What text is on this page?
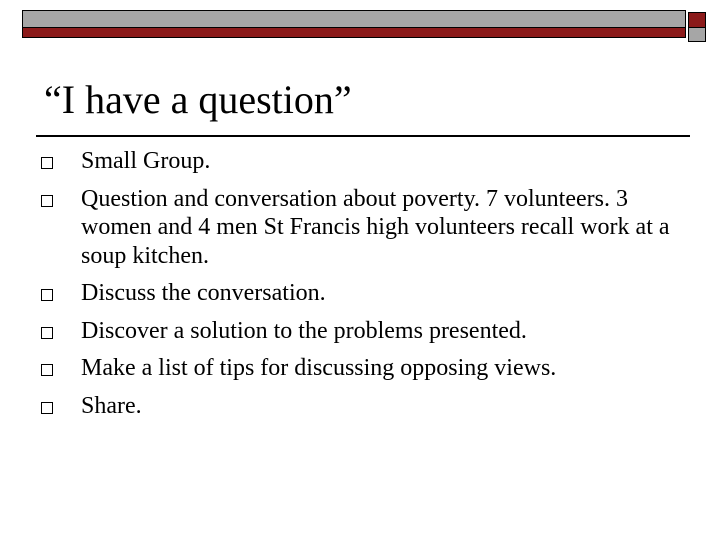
“I have a question”
Small Group.
Question and conversation about poverty. 7 volunteers. 3 women and 4 men St Francis high volunteers recall work at a soup kitchen.
Discuss the conversation.
Discover a solution to the problems presented.
Make a list of tips for discussing opposing views.
Share.
